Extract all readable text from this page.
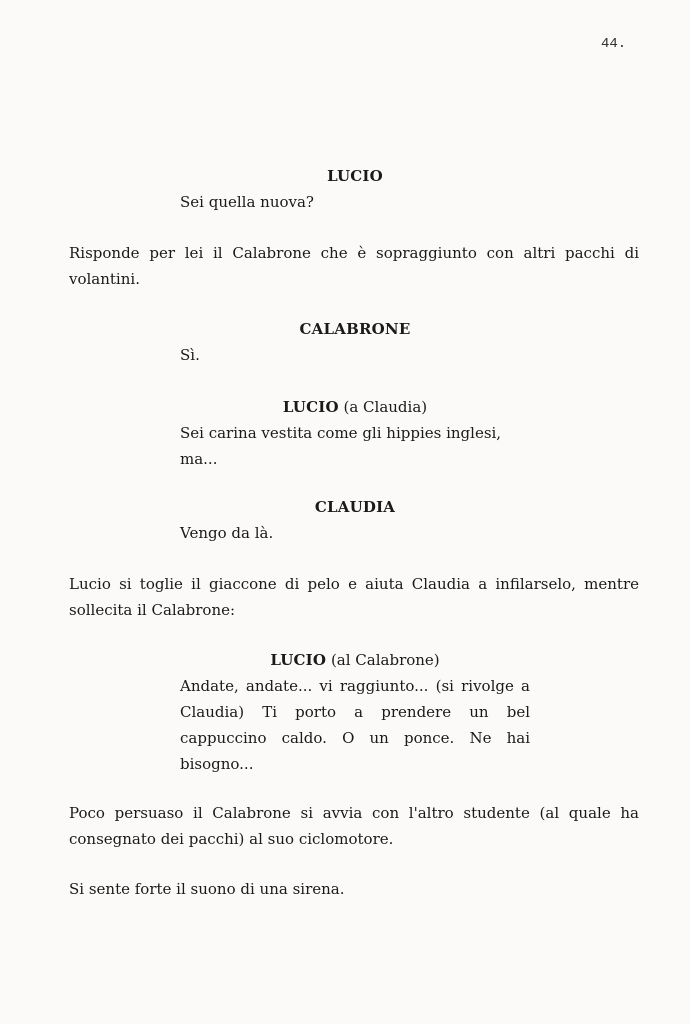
44.
LUCIO
Sei quella nuova?
Risponde per lei il Calabrone che è sopraggiunto con altri pacchi di volantini.
CALABRONE
Sì.
LUCIO (a Claudia)
Sei carina vestita come gli hippies inglesi, ma...
CLAUDIA
Vengo da là.
Lucio si toglie il giaccone di pelo e aiuta Claudia a infilarselo, mentre sollecita il Calabrone:
LUCIO (al Calabrone)
Andate, andate... vi raggiunto... (si rivolge a Claudia) Ti porto a prendere un bel cappuccino caldo. O un ponce. Ne hai bisogno...
Poco persuaso il Calabrone si avvia con l'altro studente (al quale ha consegnato dei pacchi) al suo ciclomotore.
Si sente forte il suono di una sirena.
